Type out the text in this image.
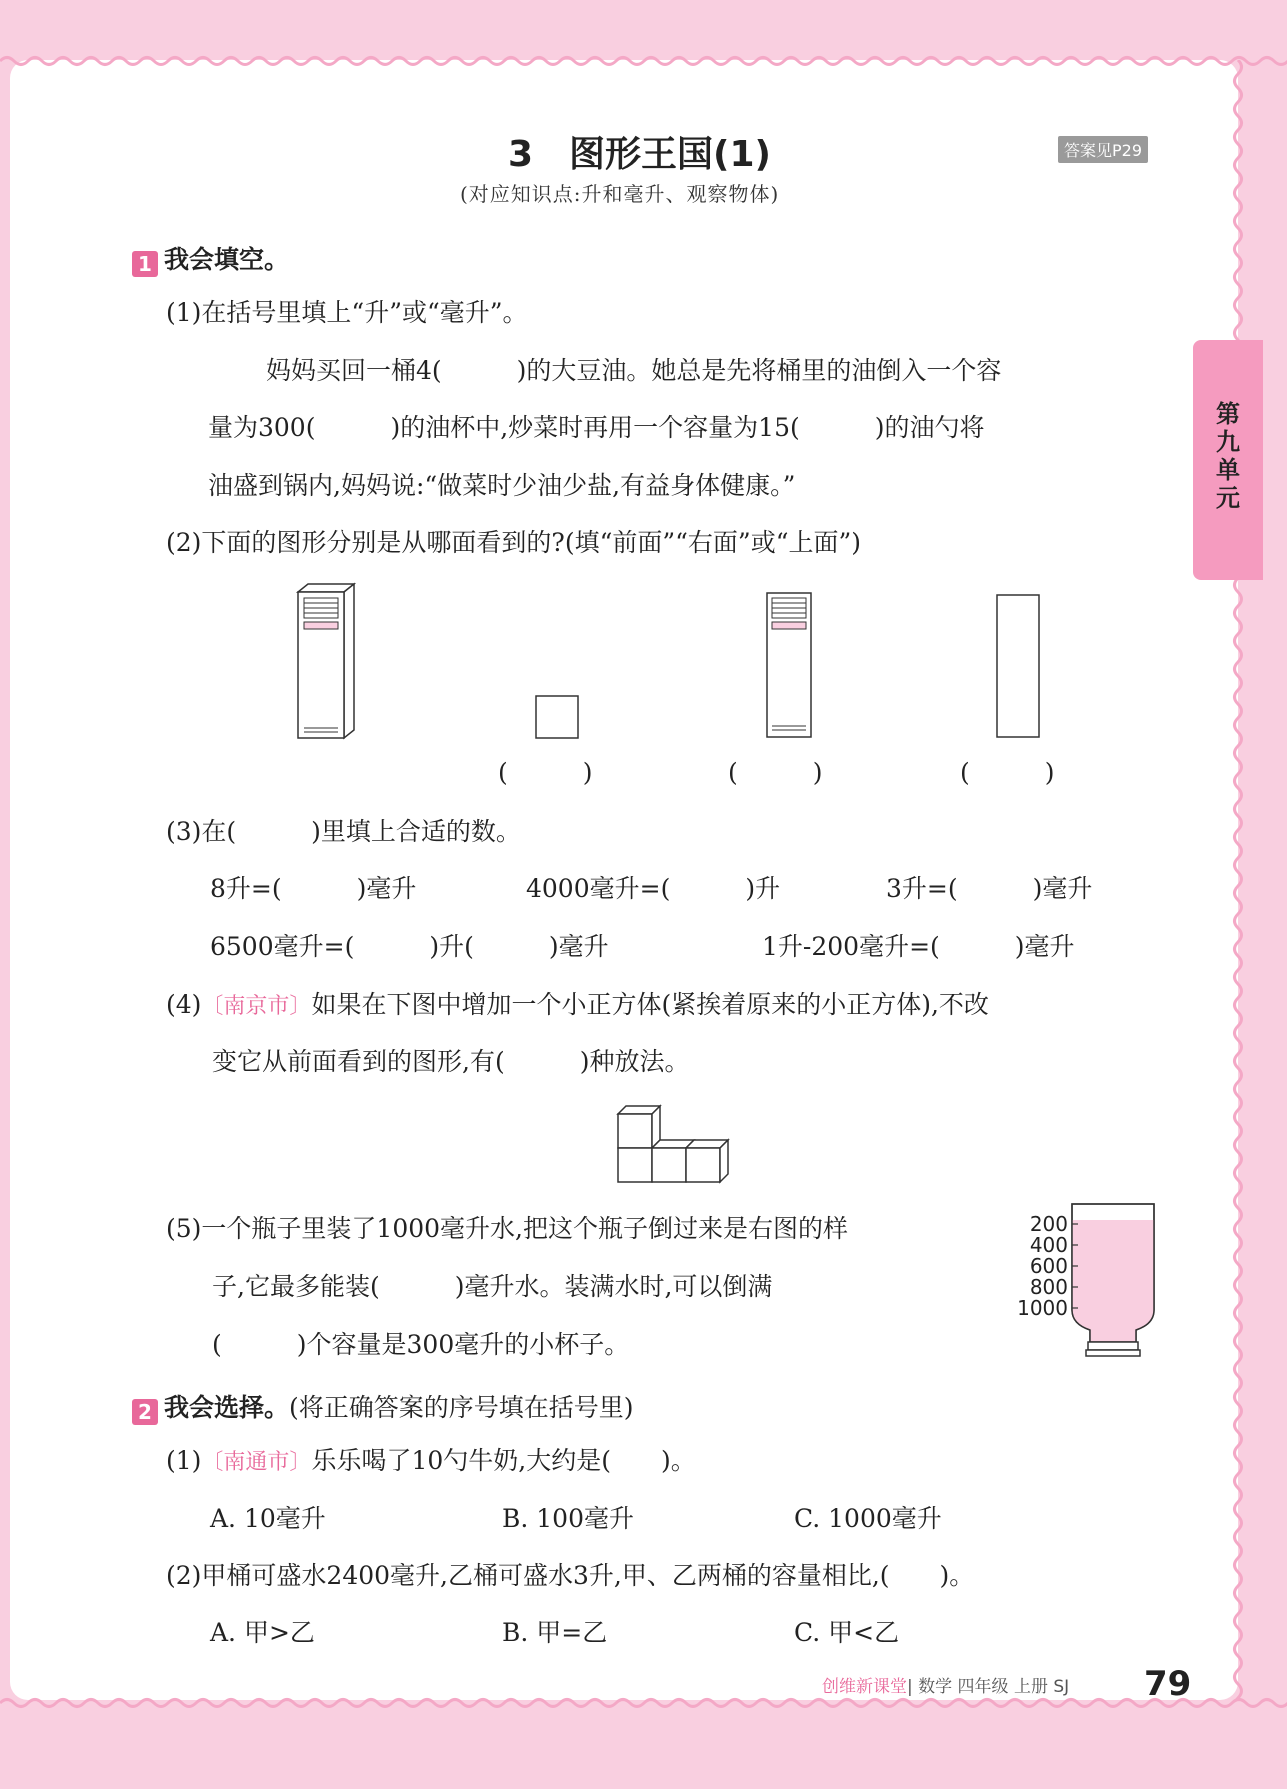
第
九
单
元
3　图形王国(1)
(对应知识点:升和毫升、观察物体)
答案见P29
1 我会填空。
(1)在括号里填上“升”或“毫升”。
妈妈买回一桶4(　　　)的大豆油。她总是先将桶里的油倒入一个容
量为300(　　　)的油杯中,炒菜时再用一个容量为15(　　　)的油勺将
油盛到锅内,妈妈说:“做菜时少油少盐,有益身体健康。”
(2)下面的图形分别是从哪面看到的?(填“前面”“右面”或“上面”)
(　　　)	(　　　)	(　　　)
(3)在(　　　)里填上合适的数。
8升=(　　　)毫升	4000毫升=(　　　)升	3升=(　　　)毫升
6500毫升=(　　　)升(　　　)毫升	1升-200毫升=(　　　)毫升
(4)〔南京市〕如果在下图中增加一个小正方体(紧挨着原来的小正方体),不改
变它从前面看到的图形,有(　　　)种放法。
(5)一个瓶子里装了1000毫升水,把这个瓶子倒过来是右图的样
子,它最多能装(　　　)毫升水。装满水时,可以倒满
(　　　)个容量是300毫升的小杯子。
200
400
600
800
1000
2 我会选择。(将正确答案的序号填在括号里)
(1)〔南通市〕乐乐喝了10勺牛奶,大约是(　　)。
A. 10毫升	B. 100毫升	C. 1000毫升
(2)甲桶可盛水2400毫升,乙桶可盛水3升,甲、乙两桶的容量相比,(　　)。
A. 甲>乙	B. 甲=乙	C. 甲<乙
创维新课堂| 数学 四年级 上册 SJ 79
